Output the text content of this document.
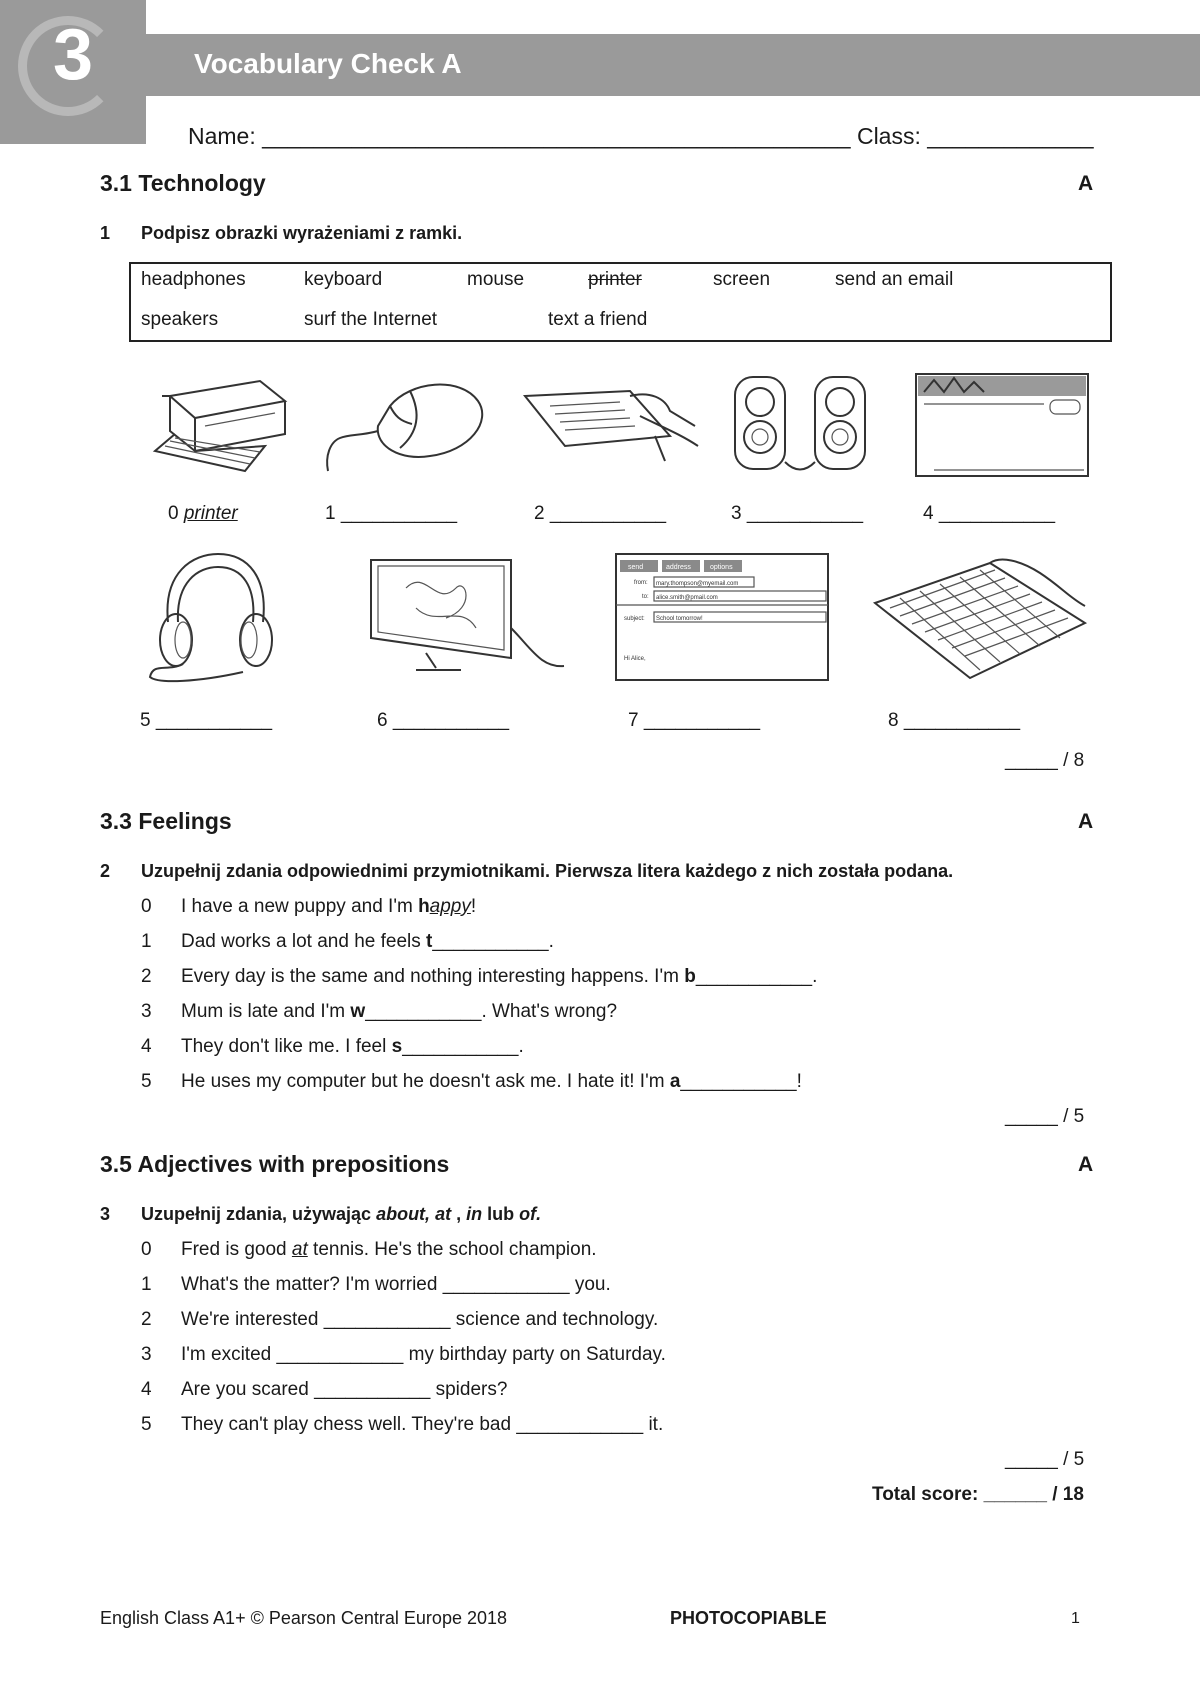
3	Vocabulary Check A
Name: ______________________________________________ Class: _____________
3.1 Technology	A
1 Podpisz obrazki wyrażeniami z ramki.
headphones	keyboard	mouse	printer	screen	send an email
speakers	surf the Internet	text a friend
0 printer	1 ___________	2 ___________	3 ___________	4 ___________
send	address	options
from: mary.thompson@myemail.com
to: alice.smith@pmail.com
subject: School tomorrow!
Hi Alice,
5 ___________	6 ___________	7 ___________	8 ___________
_____ / 8
3.3 Feelings	A
2 Uzupełnij zdania odpowiednimi przymiotnikami. Pierwsza litera każdego z nich została podana.
0 I have a new puppy and I'm happy!
1 Dad works a lot and he feels t___________.
2 Every day is the same and nothing interesting happens. I'm b___________.
3 Mum is late and I'm w___________. What's wrong?
4 They don't like me. I feel s___________.
5 He uses my computer but he doesn't ask me. I hate it! I'm a___________!
_____ / 5
3.5 Adjectives with prepositions	A
3 Uzupełnij zdania, używając about, at , in lub of.
0 Fred is good at tennis. He's the school champion.
1 What's the matter? I'm worried ____________ you.
2 We're interested ____________ science and technology.
3 I'm excited ____________ my birthday party on Saturday.
4 Are you scared ___________ spiders?
5 They can't play chess well. They're bad ____________ it.
_____ / 5
Total score: ______ / 18
English Class A1+ © Pearson Central Europe 2018	PHOTOCOPIABLE	1
